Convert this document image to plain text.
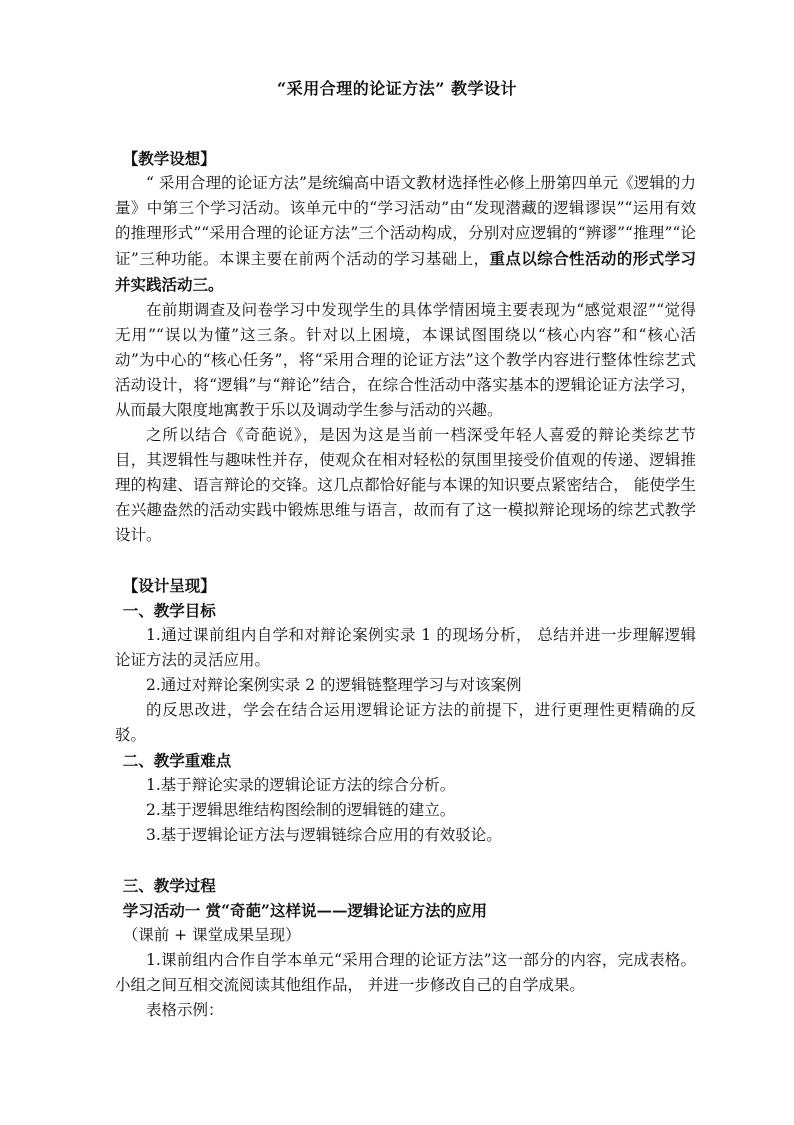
“采用合理的论证方法” 教学设计

【教学设想】

“ 采用合理的论证方法”是统编高中语文教材选择性必修上册第四单元《逻辑的力量》中第三个学习活动。该单元中的“学习活动”由“发现潜藏的逻辑谬误”“运用有效的推理形式”“采用合理的论证方法”三个活动构成，分别对应逻辑的“辨谬”“推理”“论证”三种功能。本课主要在前两个活动的学习基础上，重点以综合性活动的形式学习并实践活动三。

在前期调查及问卷学习中发现学生的具体学情困境主要表现为“感觉艰涩”“觉得无用”“误以为懂”这三条。针对以上困境，本课试图围绕以“核心内容”和“核心活动”为中心的“核心任务”，将“采用合理的论证方法”这个教学内容进行整体性综艺式活动设计，将“逻辑”与“辩论”结合，在综合性活动中落实基本的逻辑论证方法学习，从而最大限度地寓教于乐以及调动学生参与活动的兴趣。

之所以结合《奇葩说》，是因为这是当前一档深受年轻人喜爱的辩论类综艺节目，其逻辑性与趣味性并存，使观众在相对轻松的氛围里接受价值观的传递、逻辑推理的构建、语言辩论的交锋。这几点都恰好能与本课的知识要点紧密结合， 能使学生在兴趣盎然的活动实践中锻炼思维与语言，故而有了这一模拟辩论现场的综艺式教学设计。

【设计呈现】

一、教学目标

1.通过课前组内自学和对辩论案例实录 1 的现场分析， 总结并进一步理解逻辑论证方法的灵活应用。

2.通过对辩论案例实录 2 的逻辑链整理学习与对该案例

的反思改进，学会在结合运用逻辑论证方法的前提下，进行更理性更精确的反驳。

二、教学重难点

1.基于辩论实录的逻辑论证方法的综合分析。

2.基于逻辑思维结构图绘制的逻辑链的建立。

3.基于逻辑论证方法与逻辑链综合应用的有效驳论。

三、教学过程

学习活动一 赏“奇葩”这样说——逻辑论证方法的应用

（课前 + 课堂成果呈现）

1.课前组内合作自学本单元“采用合理的论证方法”这一部分的内容，完成表格。小组之间互相交流阅读其他组作品， 并进一步修改自己的自学成果。

表格示例：
